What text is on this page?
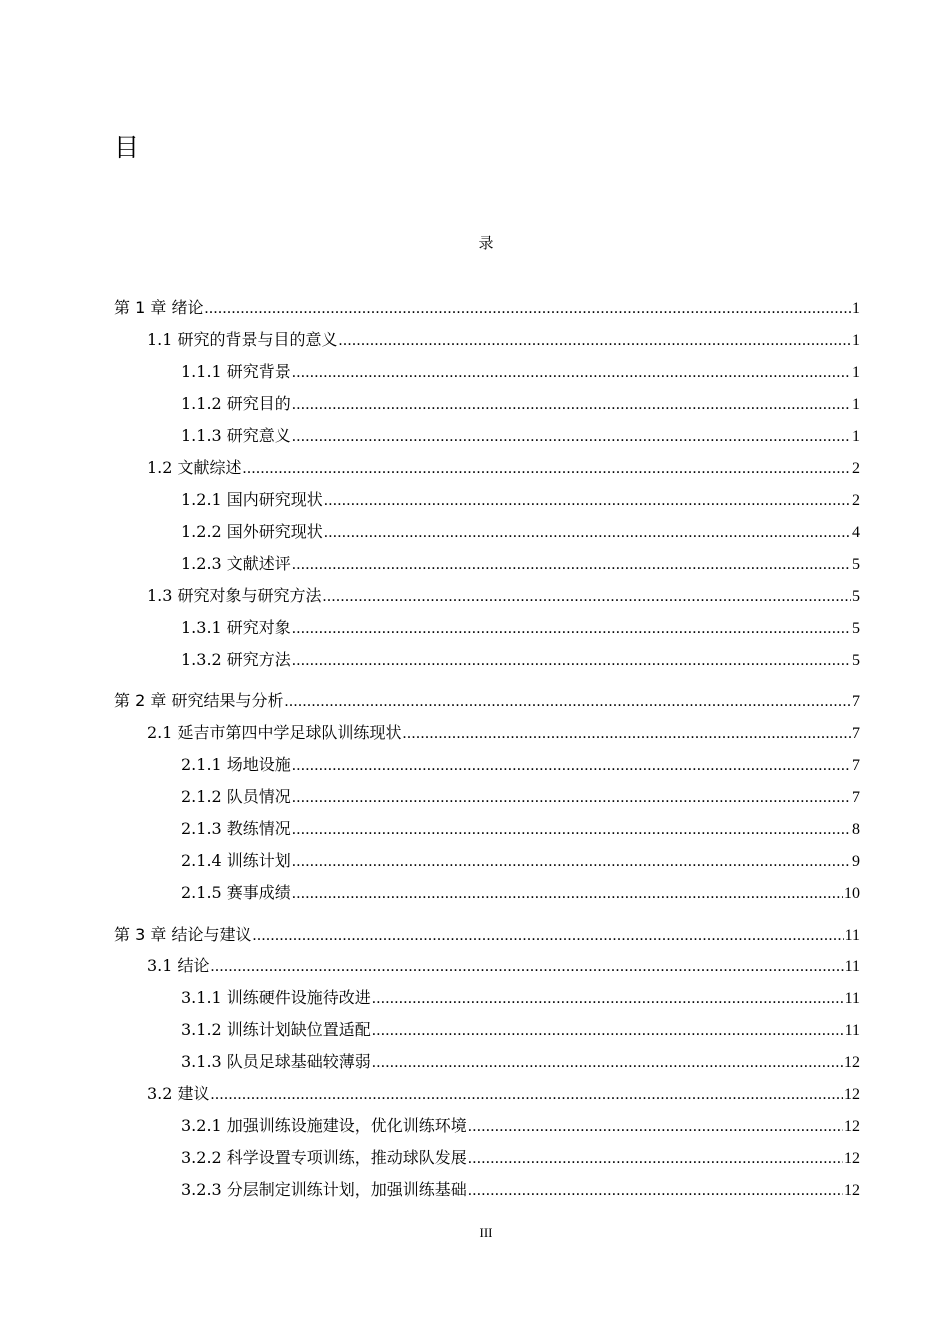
目
录
第 1 章 绪论 .....	1
1.1 研究的背景与目的意义 .....	1
1.1.1 研究背景 .....	1
1.1.2 研究目的 .....	1
1.1.3 研究意义 .....	1
1.2 文献综述 .....	2
1.2.1 国内研究现状 .....	2
1.2.2 国外研究现状 .....	4
1.2.3 文献述评 .....	5
1.3 研究对象与研究方法 .....	5
1.3.1 研究对象 .....	5
1.3.2 研究方法 .....	5
第 2 章 研究结果与分析 .....	7
2.1 延吉市第四中学足球队训练现状 .....	7
2.1.1 场地设施 .....	7
2.1.2 队员情况 .....	7
2.1.3 教练情况 .....	8
2.1.4 训练计划 .....	9
2.1.5 赛事成绩 .....	10
第 3 章 结论与建议 .....	11
3.1 结论 .....	11
3.1.1 训练硬件设施待改进 .....	11
3.1.2 训练计划缺位置适配 .....	11
3.1.3 队员足球基础较薄弱 .....	12
3.2 建议 .....	12
3.2.1 加强训练设施建设，优化训练环境 .....	12
3.2.2 科学设置专项训练，推动球队发展 .....	12
3.2.3 分层制定训练计划，加强训练基础 .....	12
III
